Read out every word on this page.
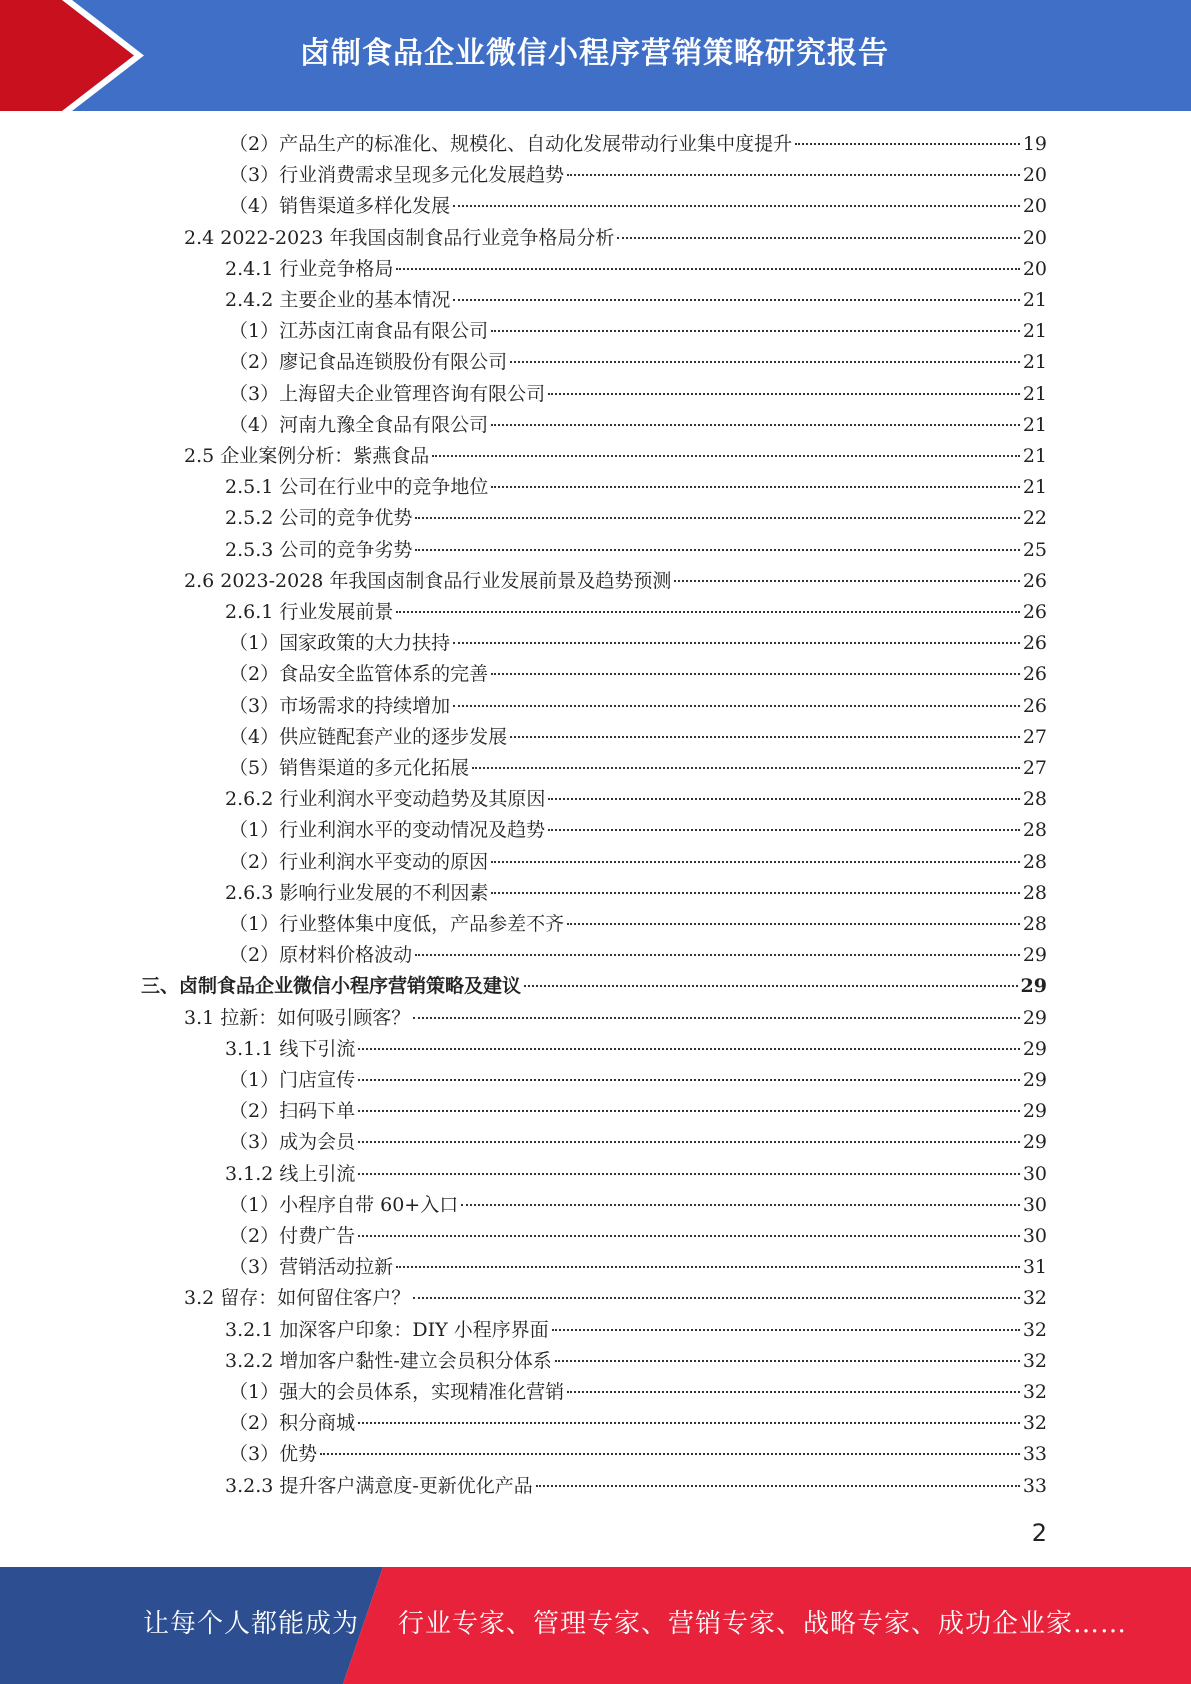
卤制食品企业微信小程序营销策略研究报告
（2）产品生产的标准化、规模化、自动化发展带动行业集中度提升	19
（3）行业消费需求呈现多元化发展趋势	20
（4）销售渠道多样化发展	20
2.4 2022-2023 年我国卤制食品行业竞争格局分析	20
2.4.1 行业竞争格局	20
2.4.2 主要企业的基本情况	21
（1）江苏卤江南食品有限公司	21
（2）廖记食品连锁股份有限公司	21
（3）上海留夫企业管理咨询有限公司	21
（4）河南九豫全食品有限公司	21
2.5 企业案例分析：紫燕食品	21
2.5.1 公司在行业中的竞争地位	21
2.5.2 公司的竞争优势	22
2.5.3 公司的竞争劣势	25
2.6 2023-2028 年我国卤制食品行业发展前景及趋势预测	26
2.6.1 行业发展前景	26
（1）国家政策的大力扶持	26
（2）食品安全监管体系的完善	26
（3）市场需求的持续增加	26
（4）供应链配套产业的逐步发展	27
（5）销售渠道的多元化拓展	27
2.6.2 行业利润水平变动趋势及其原因	28
（1）行业利润水平的变动情况及趋势	28
（2）行业利润水平变动的原因	28
2.6.3 影响行业发展的不利因素	28
（1）行业整体集中度低，产品参差不齐	28
（2）原材料价格波动	29
三、卤制食品企业微信小程序营销策略及建议	29
3.1 拉新：如何吸引顾客？	29
3.1.1 线下引流	29
（1）门店宣传	29
（2）扫码下单	29
（3）成为会员	29
3.1.2 线上引流	30
（1）小程序自带 60+入口	30
（2）付费广告	30
（3）营销活动拉新	31
3.2 留存：如何留住客户？	32
3.2.1 加深客户印象：DIY 小程序界面	32
3.2.2 增加客户黏性-建立会员积分体系	32
（1）强大的会员体系，实现精准化营销	32
（2）积分商城	32
（3）优势	33
3.2.3 提升客户满意度-更新优化产品	33
2
让每个人都能成为 行业专家、管理专家、营销专家、战略专家、成功企业家……
